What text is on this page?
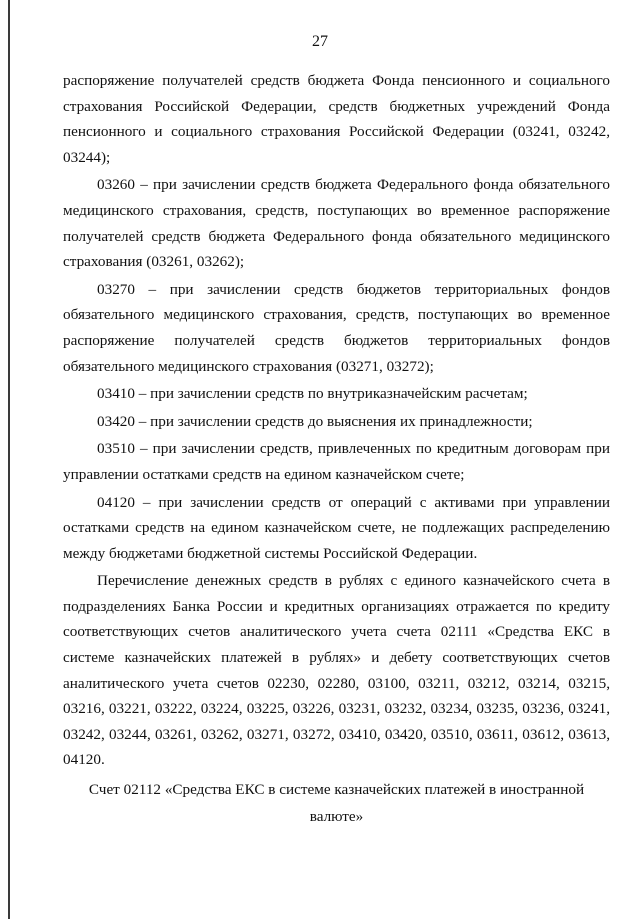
27

распоряжение получателей средств бюджета Фонда пенсионного и социального страхования Российской Федерации, средств бюджетных учреждений Фонда пенсионного и социального страхования Российской Федерации (03241, 03242, 03244);

03260 – при зачислении средств бюджета Федерального фонда обязательного медицинского страхования, средств, поступающих во временное распоряжение получателей средств бюджета Федерального фонда обязательного медицинского страхования (03261, 03262);

03270 – при зачислении средств бюджетов территориальных фондов обязательного медицинского страхования, средств, поступающих во временное распоряжение получателей средств бюджетов территориальных фондов обязательного медицинского страхования (03271, 03272);

03410 – при зачислении средств по внутриказначейским расчетам;

03420 – при зачислении средств до выяснения их принадлежности;

03510 – при зачислении средств, привлеченных по кредитным договорам при управлении остатками средств на едином казначейском счете;

04120 – при зачислении средств от операций с активами при управлении остатками средств на едином казначейском счете, не подлежащих распределению между бюджетами бюджетной системы Российской Федерации.

Перечисление денежных средств в рублях с единого казначейского счета в подразделениях Банка России и кредитных организациях отражается по кредиту соответствующих счетов аналитического учета счета 02111 «Средства ЕКС в системе казначейских платежей в рублях» и дебету соответствующих счетов аналитического учета счетов 02230, 02280, 03100, 03211, 03212, 03214, 03215, 03216, 03221, 03222, 03224, 03225, 03226, 03231, 03232, 03234, 03235, 03236, 03241, 03242, 03244, 03261, 03262, 03271, 03272, 03410, 03420, 03510, 03611, 03612, 03613, 04120.

Счет 02112 «Средства ЕКС в системе казначейских платежей в иностранной валюте»
